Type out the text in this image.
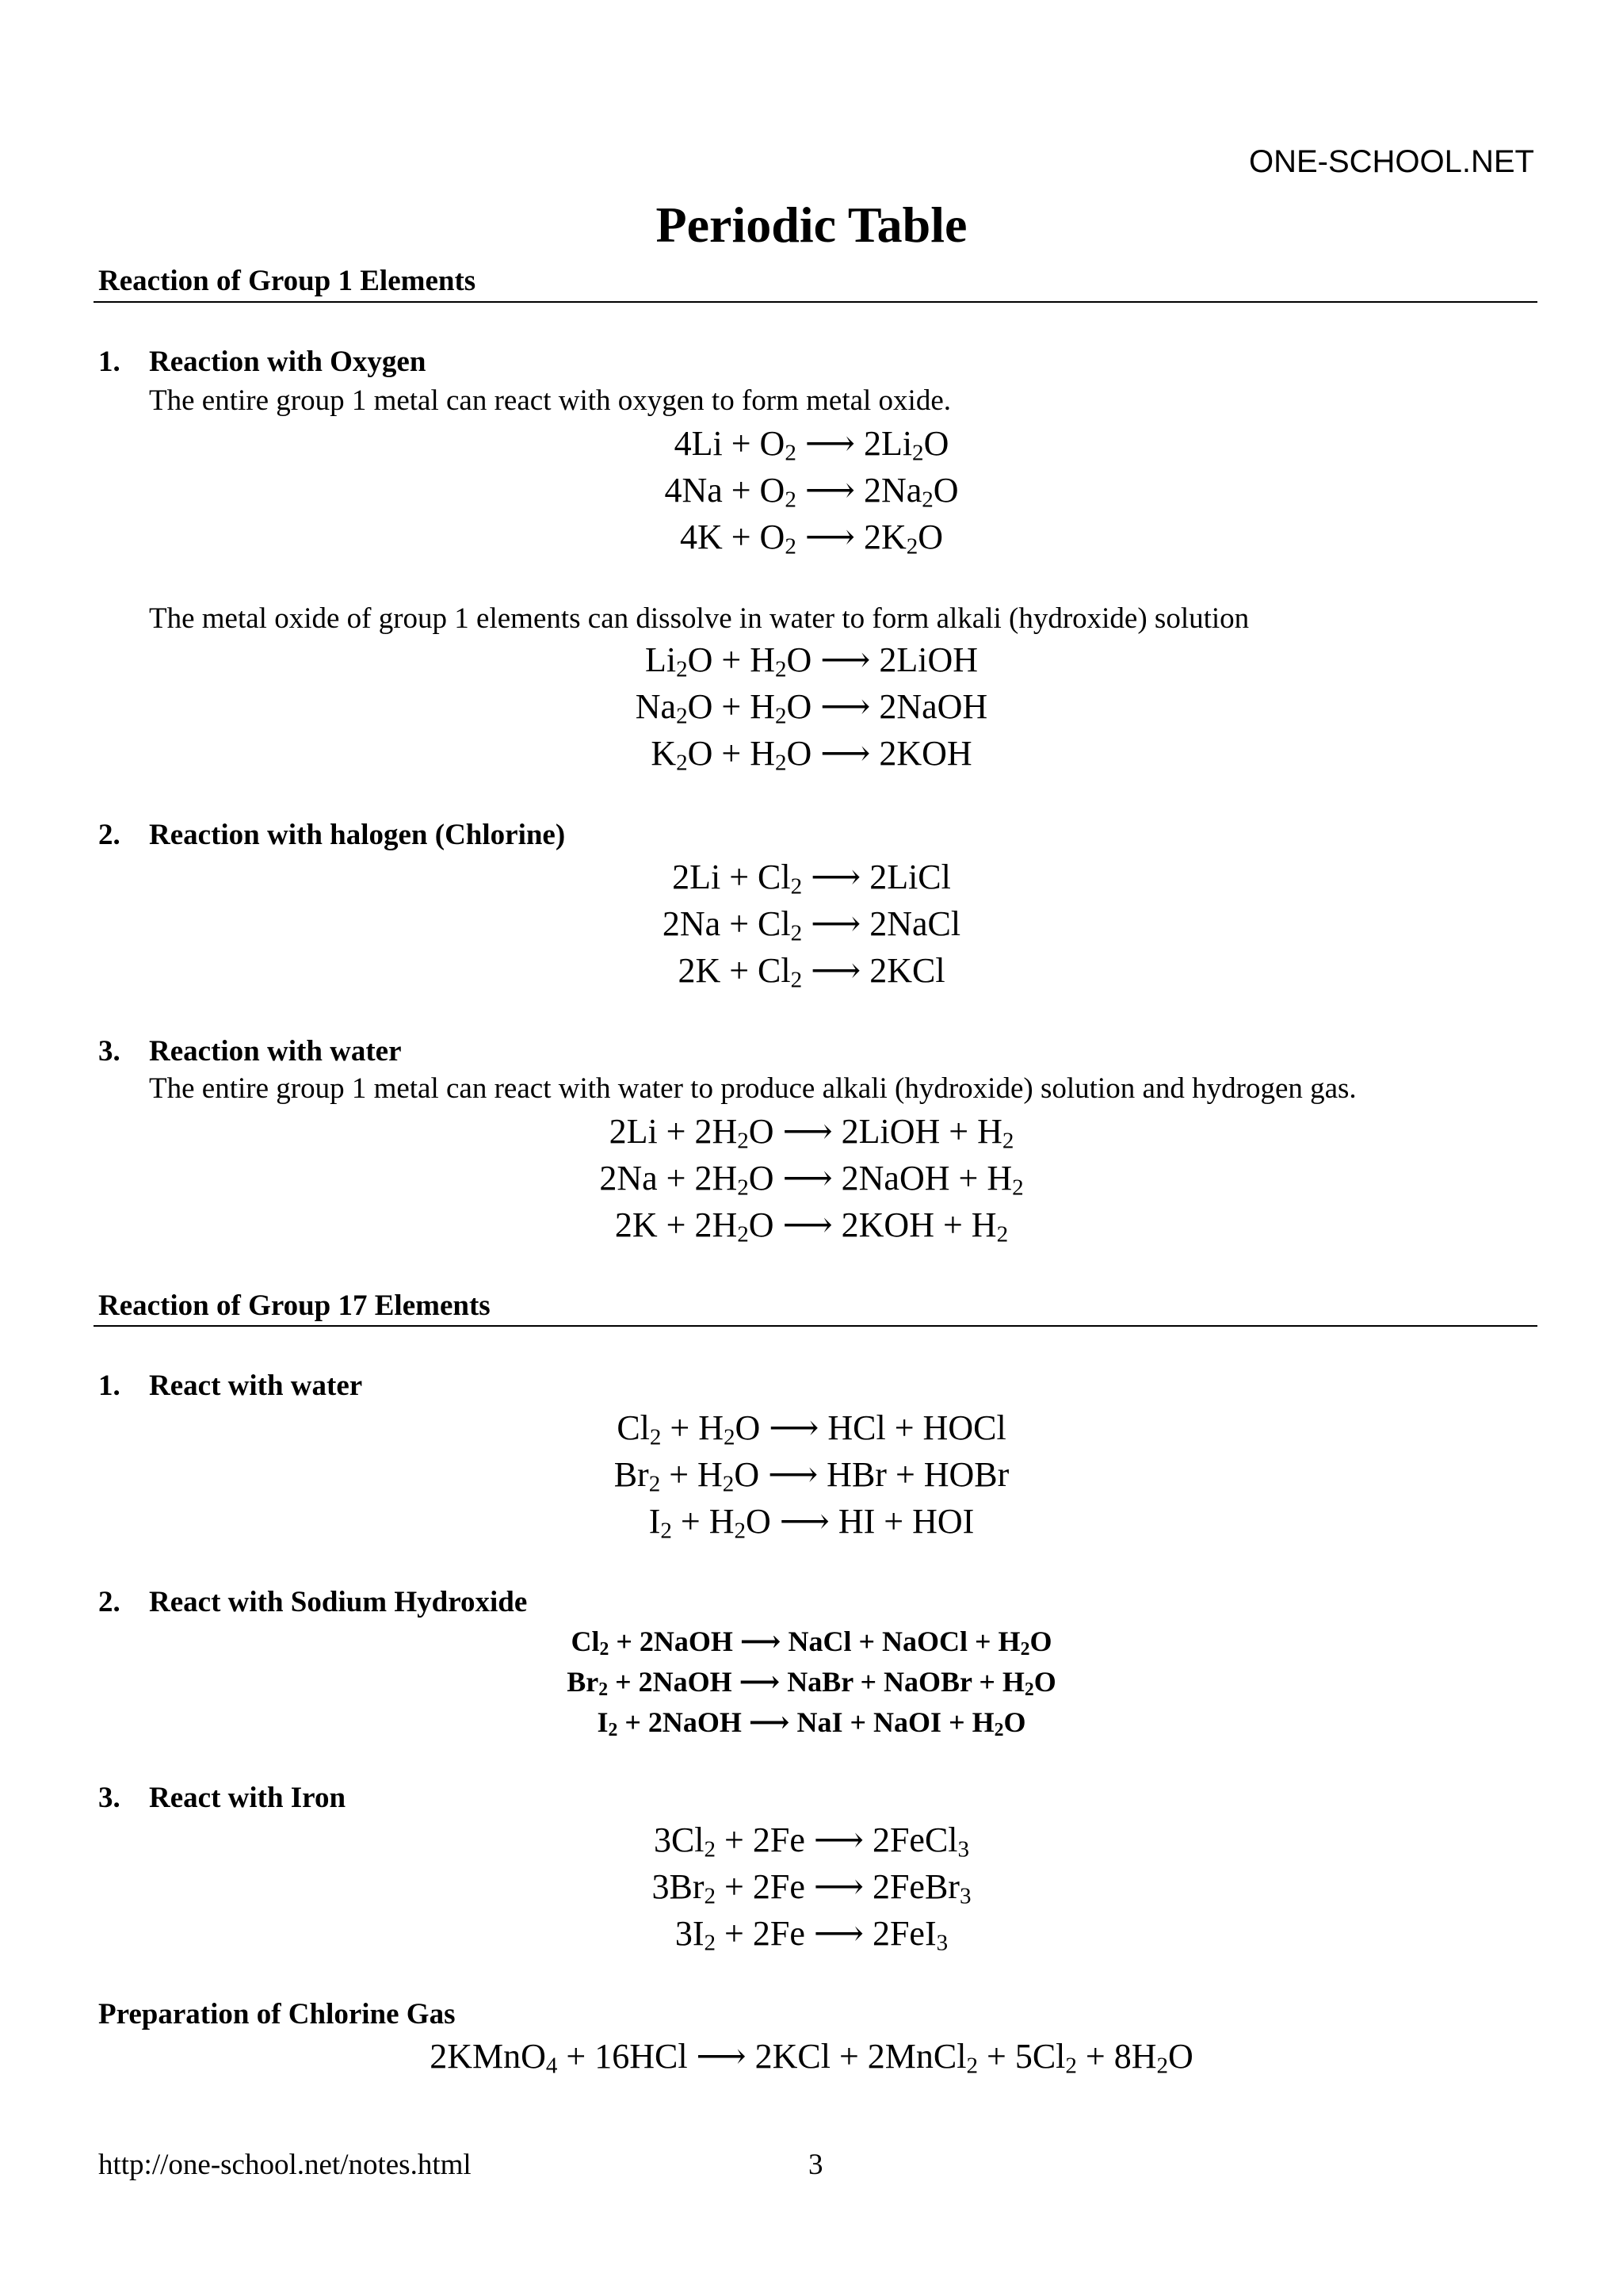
ONE-SCHOOL.NET
Periodic Table
Reaction of Group 1 Elements
1. Reaction with Oxygen
The entire group 1 metal can react with oxygen to form metal oxide.
$4Li + O_2$ ⟶ $2Li_2O$
$4Na + O_2$ ⟶ $2Na_2O$
$4K + O_2$ ⟶ $2K_2O$
The metal oxide of group 1 elements can dissolve in water to form alkali (hydroxide) solution
$Li_2O + H_2O$ ⟶ 2LiOH
$Na_2O + H_2O$ ⟶ 2NaOH
$K_2O + H_2O$ ⟶ 2KOH
2. Reaction with halogen (Chlorine)
$2Li + Cl_2$ ⟶ 2LiCl
$2Na + Cl_2$ ⟶ 2NaCl
$2K + Cl_2$ ⟶ 2KCl
3. Reaction with water
The entire group 1 metal can react with water to produce alkali (hydroxide) solution and hydrogen gas.
$2Li + 2H_2O$ ⟶ 2LiOH + $H_2$
$2Na + 2H_2O$ ⟶ 2NaOH + $H_2$
$2K + 2H_2O$ ⟶ $2KOH + H_2$
Reaction of Group 17 Elements
1. React with water
$Cl_2 + H_2O$ ⟶ HCl + HOCl
$Br_2 + H_2O$ ⟶ HBr + HOBr
$I_2 + H_2O$ ⟶ HI + HOI
2. React with Sodium Hydroxide
$Cl_2$ + 2NaOH ⟶ NaCl + NaOCl + $H_2O$
$Br_2$ + 2NaOH ⟶ NaBr + NaOBr + $H_2O$
$I_2$ + 2NaOH ⟶ NaI + NaOI + $H_2O$
3. React with Iron
$3Cl_2 + 2Fe$ ⟶ 2FeCl$_3$
$3Br_2 + 2Fe$ ⟶ 2FeBr$_3$
$3I_2 + 2Fe$ ⟶ 2FeI$_3$
Preparation of Chlorine Gas
2KMnO$_4$ + 16HCl ⟶ 2KCl + 2MnCl$_2$ + $5Cl_2 + 8H_2O$
http://one-school.net/notes.html	3
